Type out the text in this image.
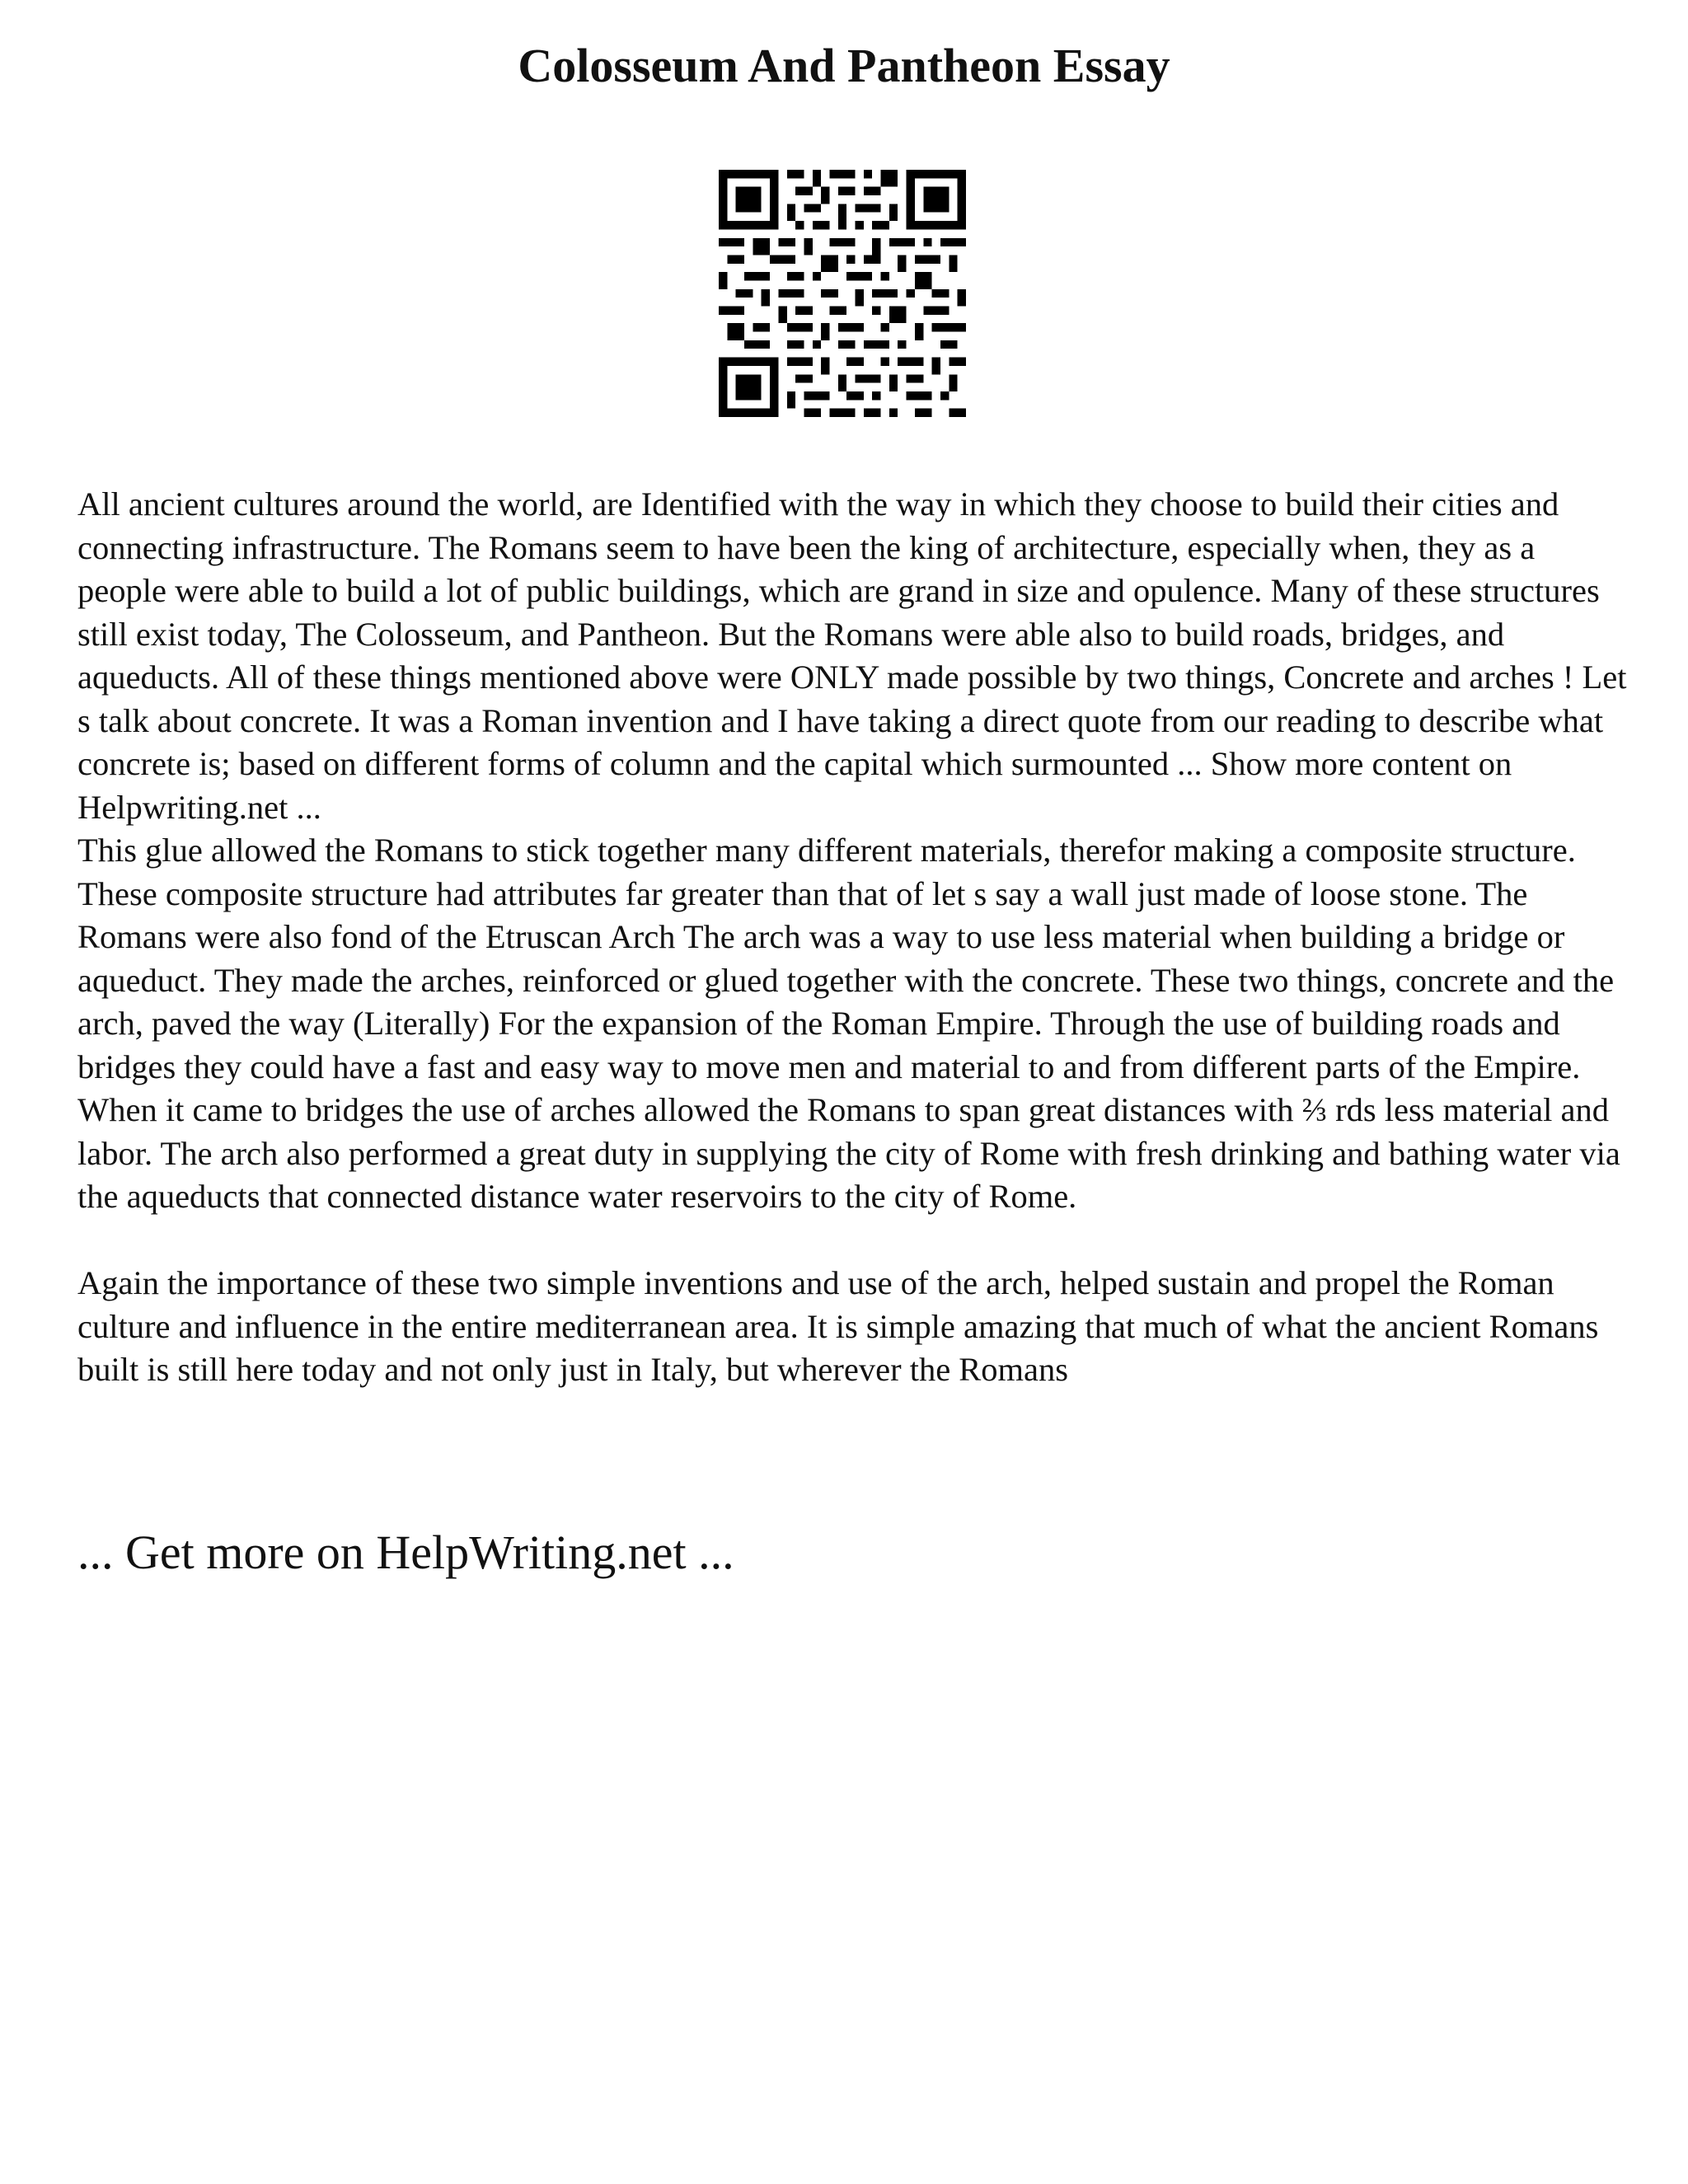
Colosseum And Pantheon Essay

All ancient cultures around the world, are Identified with the way in which they choose to build their cities and connecting infrastructure. The Romans seem to have been the king of architecture, especially when, they as a people were able to build a lot of public buildings, which are grand in size and opulence. Many of these structures still exist today, The Colosseum, and Pantheon. But the Romans were able also to build roads, bridges, and aqueducts. All of these things mentioned above were ONLY made possible by two things, Concrete and arches ! Let s talk about concrete. It was a Roman invention and I have taking a direct quote from our reading to describe what concrete is; based on different forms of column and the capital which surmounted ... Show more content on Helpwriting.net ...

This glue allowed the Romans to stick together many different materials, therefor making a composite structure. These composite structure had attributes far greater than that of let s say a wall just made of loose stone. The Romans were also fond of the Etruscan Arch The arch was a way to use less material when building a bridge or aqueduct. They made the arches, reinforced or glued together with the concrete. These two things, concrete and the arch, paved the way (Literally) For the expansion of the Roman Empire. Through the use of building roads and bridges they could have a fast and easy way to move men and material to and from different parts of the Empire. When it came to bridges the use of arches allowed the Romans to span great distances with ⅔ rds less material and labor. The arch also performed a great duty in supplying the city of Rome with fresh drinking and bathing water via the aqueducts that connected distance water reservoirs to the city of Rome.

Again the importance of these two simple inventions and use of the arch, helped sustain and propel the Roman culture and influence in the entire mediterranean area. It is simple amazing that much of what the ancient Romans built is still here today and not only just in Italy, but wherever the Romans

... Get more on HelpWriting.net ...
